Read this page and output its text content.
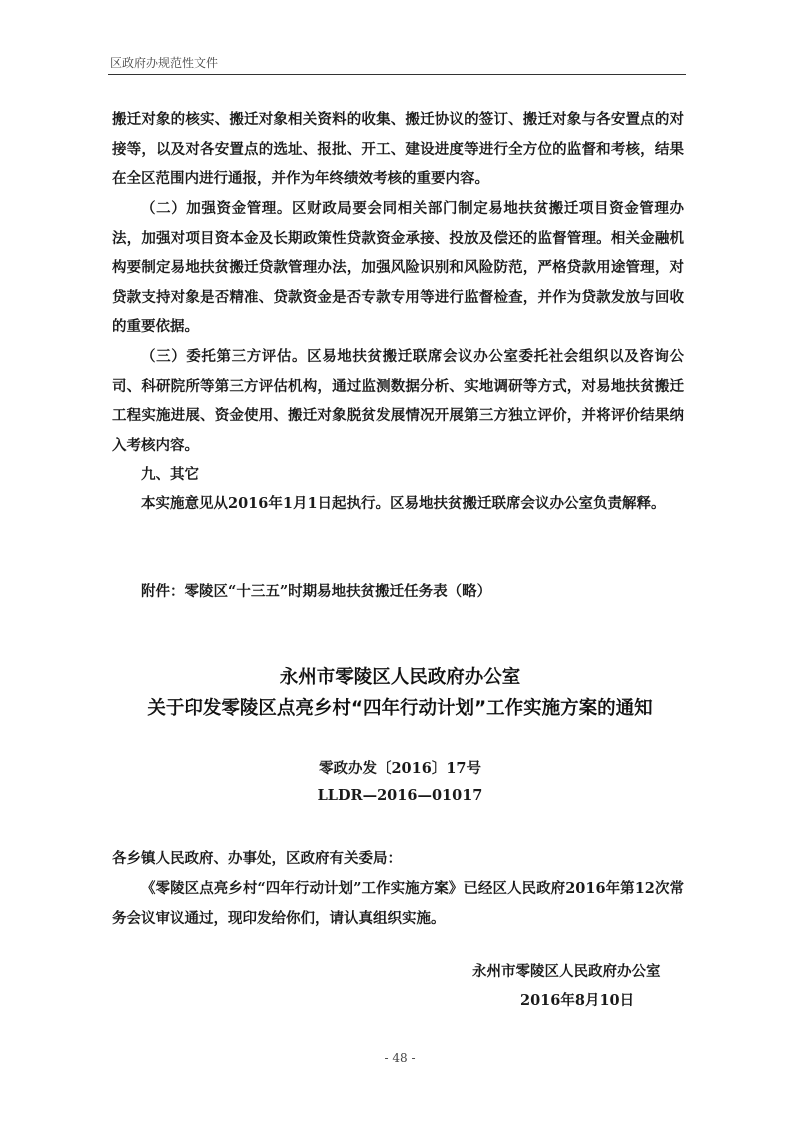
区政府办规范性文件
搬迁对象的核实、搬迁对象相关资料的收集、搬迁协议的签订、搬迁对象与各安置点的对接等，以及对各安置点的选址、报批、开工、建设进度等进行全方位的监督和考核，结果在全区范围内进行通报，并作为年终绩效考核的重要内容。
（二）加强资金管理。区财政局要会同相关部门制定易地扶贫搬迁项目资金管理办法，加强对项目资本金及长期政策性贷款资金承接、投放及偿还的监督管理。相关金融机构要制定易地扶贫搬迁贷款管理办法，加强风险识别和风险防范，严格贷款用途管理，对贷款支持对象是否精准、贷款资金是否专款专用等进行监督检查，并作为贷款发放与回收的重要依据。
（三）委托第三方评估。区易地扶贫搬迁联席会议办公室委托社会组织以及咨询公司、科研院所等第三方评估机构，通过监测数据分析、实地调研等方式，对易地扶贫搬迁工程实施进展、资金使用、搬迁对象脱贫发展情况开展第三方独立评价，并将评价结果纳入考核内容。
九、其它
本实施意见从2016年1月1日起执行。区易地扶贫搬迁联席会议办公室负责解释。
附件：零陵区“十三五”时期易地扶贫搬迁任务表（略）
永州市零陵区人民政府办公室
关于印发零陵区点亮乡村“四年行动计划”工作实施方案的通知
零政办发〔2016〕17号
LLDR—2016—01017
各乡镇人民政府、办事处，区政府有关委局：
《零陵区点亮乡村“四年行动计划”工作实施方案》已经区人民政府2016年第12次常务会议审议通过，现印发给你们，请认真组织实施。
永州市零陵区人民政府办公室
2016年8月10日
- 48 -
